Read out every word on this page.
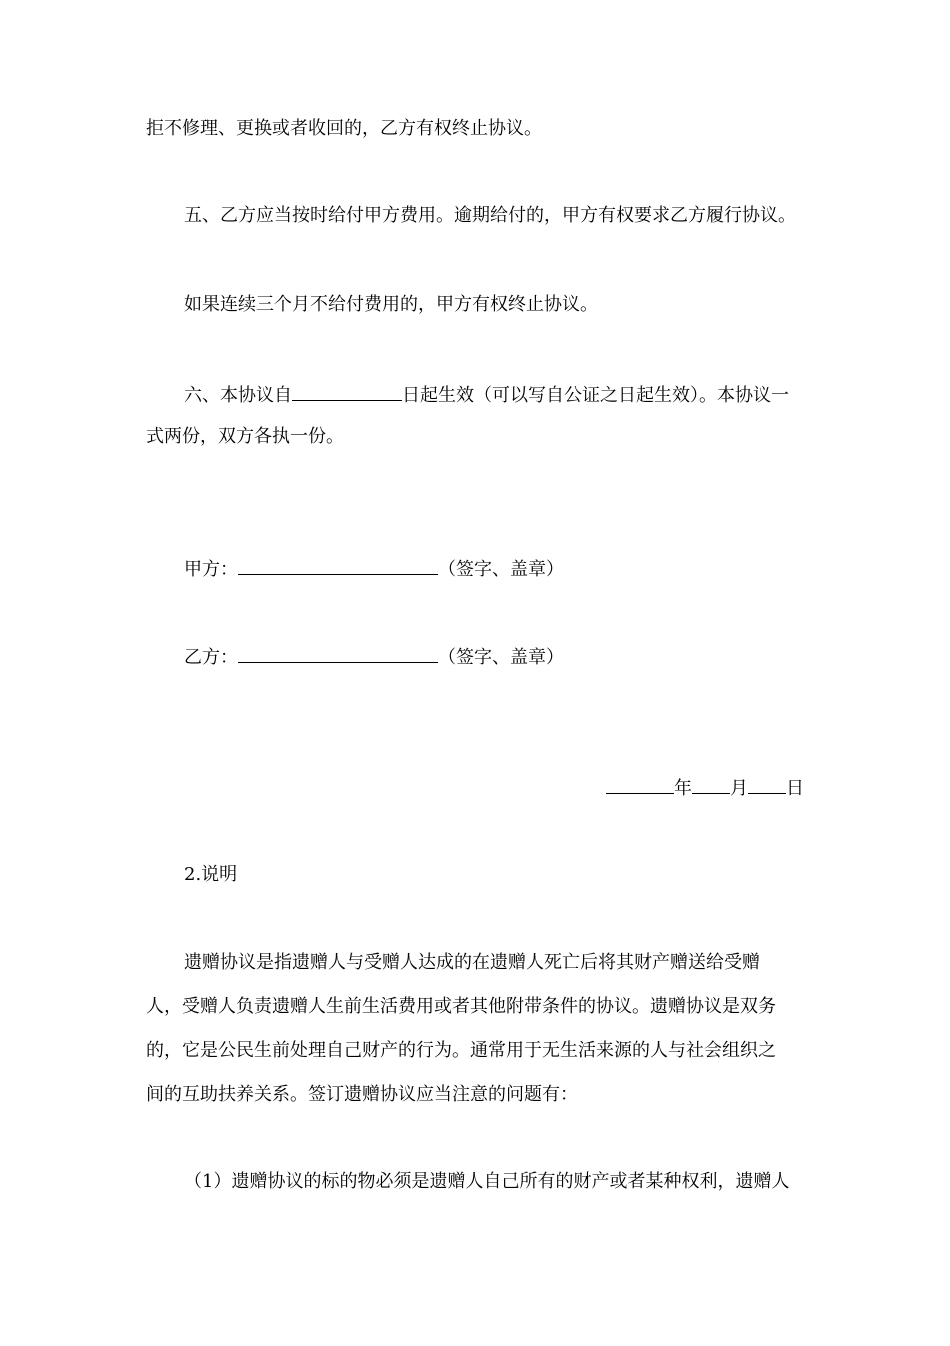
拒不修理、更换或者收回的，乙方有权终止协议。
五、乙方应当按时给付甲方费用。逾期给付的，甲方有权要求乙方履行协议。
如果连续三个月不给付费用的，甲方有权终止协议。
六、本协议自	日起生效（可以写自公证之日起生效）。本协议一
式两份，双方各执一份。
甲方：	（签字、盖章）
乙方：	（签字、盖章）
年 月 日
2.说明
遗赠协议是指遗赠人与受赠人达成的在遗赠人死亡后将其财产赠送给受赠
人，受赠人负责遗赠人生前生活费用或者其他附带条件的协议。遗赠协议是双务
的，它是公民生前处理自己财产的行为。通常用于无生活来源的人与社会组织之
间的互助扶养关系。签订遗赠协议应当注意的问题有：
（1）遗赠协议的标的物必须是遗赠人自己所有的财产或者某种权利，遗赠人
